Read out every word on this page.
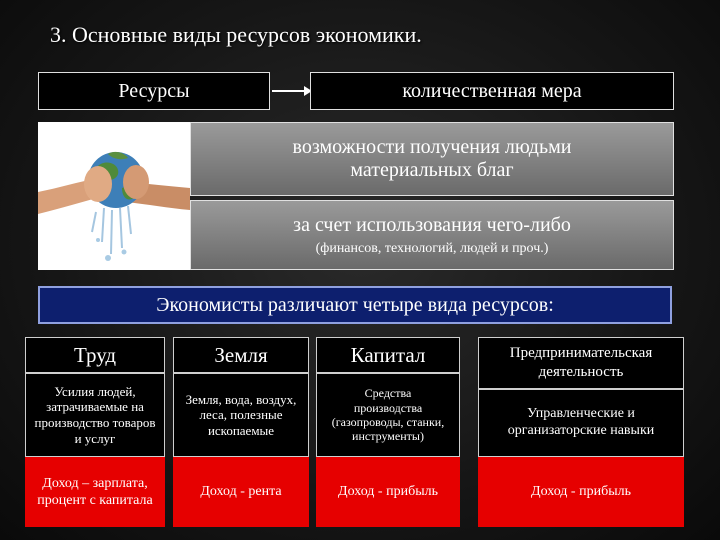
3. Основные виды ресурсов экономики.
Ресурсы	количественная мера
возможности получения людьми
материальных благ
за счет использования чего-либо
(финансов, технологий, людей и проч.)
Экономисты различают четыре вида ресурсов:
Труд
Усилия людей, затрачиваемые на производство товаров и услуг
Доход – зарплата, процент с капитала
Земля
Земля, вода, воздух, леса, полезные ископаемые
Доход - рента
Капитал
Средства производства (газопроводы, станки, инструменты)
Доход - прибыль
Предпринимательская деятельность
Управленческие и организаторские навыки
Доход - прибыль
